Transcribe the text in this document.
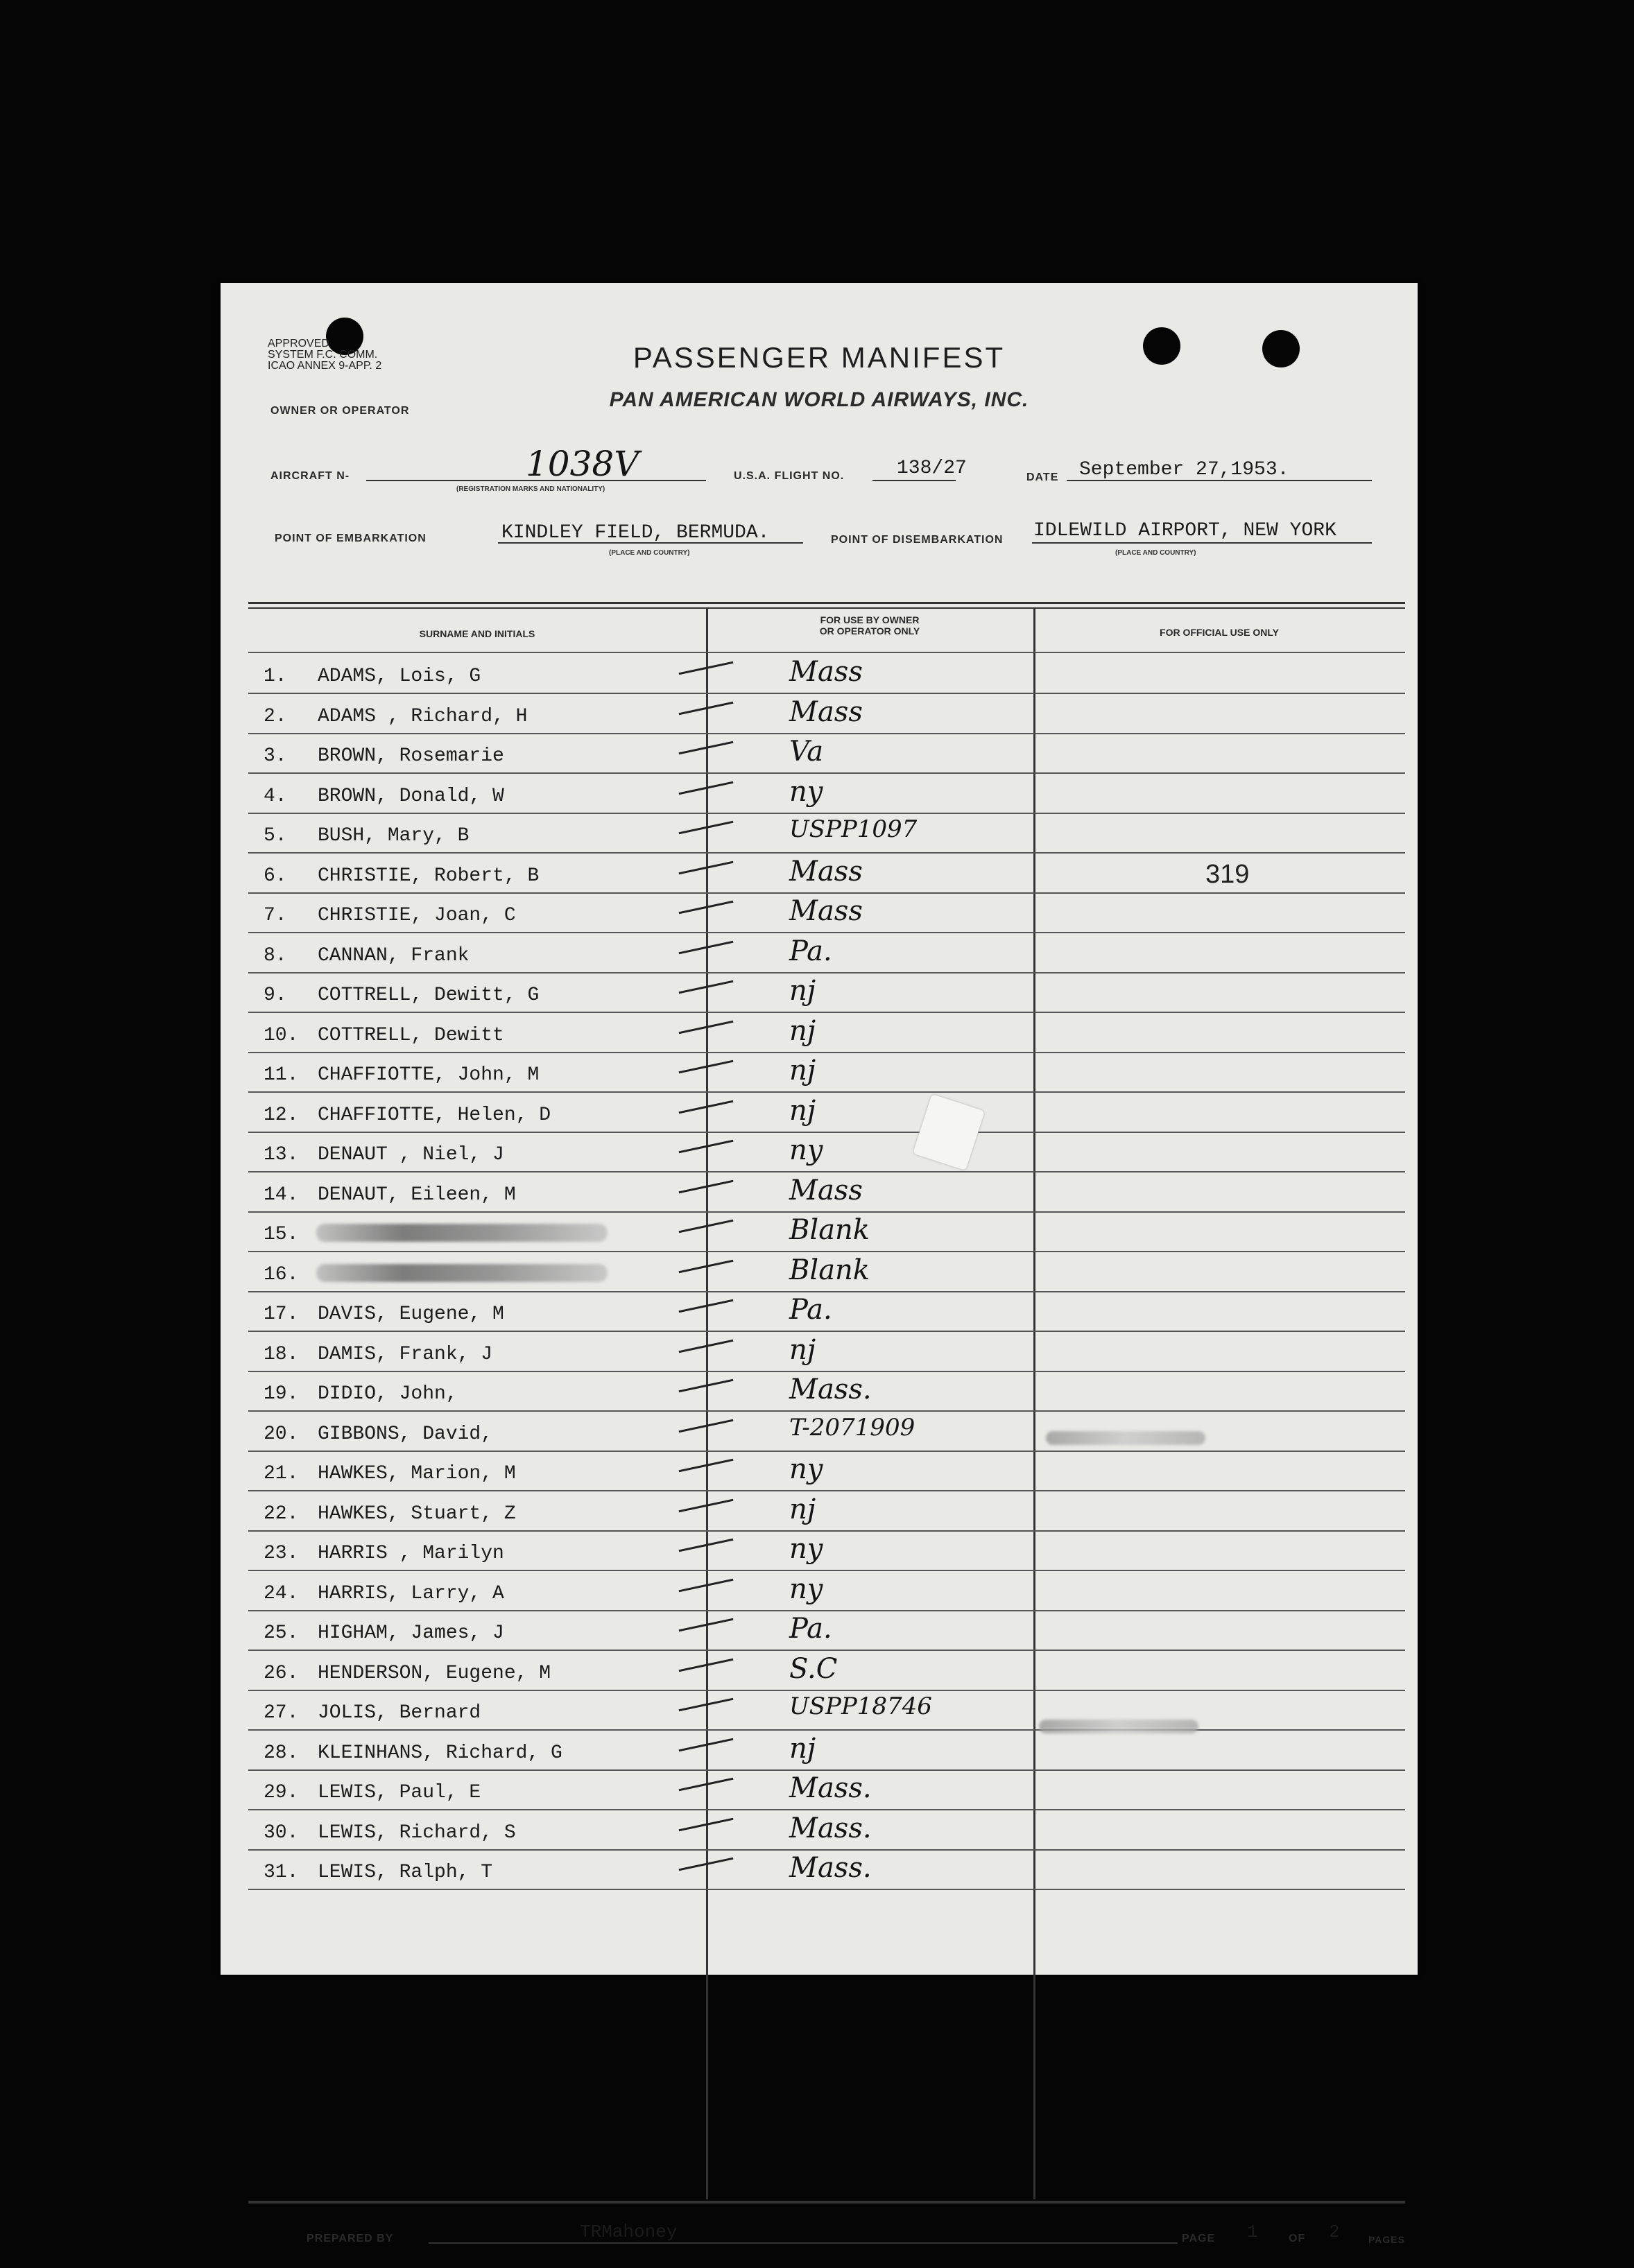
APPROVED
SYSTEM F.C. COMM.
ICAO ANNEX 9-APP. 2	PASSENGER MANIFEST
OWNER OR OPERATOR	PAN AMERICAN WORLD AIRWAYS, INC.
AIRCRAFT N-	1038V
(REGISTRATION MARKS AND NATIONALITY)
U.S.A. FLIGHT NO.	138/27	DATE September 27,1953.
POINT OF EMBARKATION	KINDLEY FIELD, BERMUDA.
(PLACE AND COUNTRY)
POINT OF DISEMBARKATION IDLEWILD AIRPORT, NEW YORK
(PLACE AND COUNTRY)
SURNAME AND INITIALS
FOR USE BY OWNER
OR OPERATOR ONLY	FOR OFFICIAL USE ONLY
1. ADAMS, Lois, G	Mass
2. ADAMS , Richard, H	Mass
3. BROWN, Rosemarie	Va
4. BROWN, Donald, W	ny
5. BUSH, Mary, B	USPP1097
6. CHRISTIE, Robert, B	Mass	319
7. CHRISTIE, Joan, C	Mass
8. CANNAN, Frank	Pa.
9. COTTRELL, Dewitt, G	nj
10. COTTRELL, Dewitt	nj
11. CHAFFIOTTE, John, M	nj
12. CHAFFIOTTE, Helen, D	nj
13. DENAUT , Niel, J	ny
14. DENAUT, Eileen, M	Mass
15.	Blank
16.	Blank
17. DAVIS, Eugene, M	Pa.
18. DAMIS, Frank, J	nj
19. DIDIO, John,	Mass.
20. GIBBONS, David,	T-2071909
21. HAWKES, Marion, M	ny
22. HAWKES, Stuart, Z	nj
23. HARRIS , Marilyn	ny
24. HARRIS, Larry, A	ny
25. HIGHAM, James, J	Pa.
26. HENDERSON, Eugene, M	S.C
27. JOLIS, Bernard	USPP18746
28. KLEINHANS, Richard, G	nj
29. LEWIS, Paul, E	Mass.
30. LEWIS, Richard, S	Mass.
31. LEWIS, Ralph, T	Mass.
PREPARED BY	TRMahoney	PAGE 1	OF 2	PAGES
